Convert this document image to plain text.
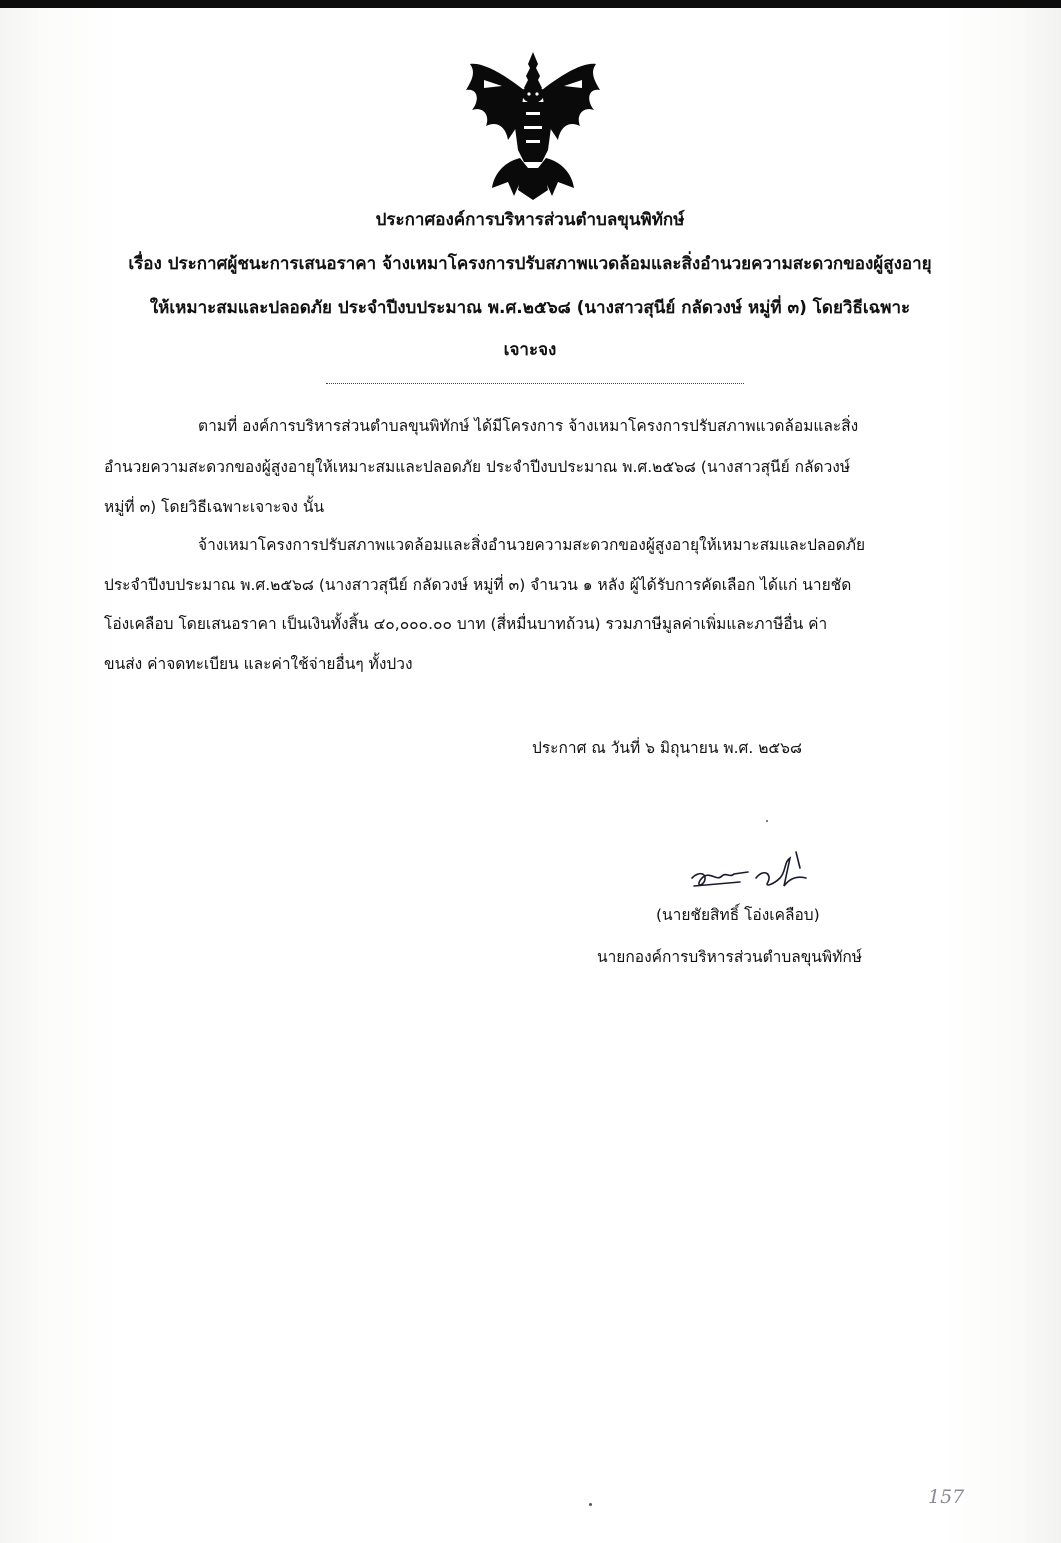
ประกาศองค์การบริหารส่วนตำบลขุนพิทักษ์
เรื่อง ประกาศผู้ชนะการเสนอราคา จ้างเหมาโครงการปรับสภาพแวดล้อมและสิ่งอำนวยความสะดวกของผู้สูงอายุ
ให้เหมาะสมและปลอดภัย ประจำปีงบประมาณ พ.ศ.๒๕๖๘ (นางสาวสุนีย์ กลัดวงษ์ หมู่ที่ ๓) โดยวิธีเฉพาะ
เจาะจง
ตามที่ องค์การบริหารส่วนตำบลขุนพิทักษ์ ได้มีโครงการ จ้างเหมาโครงการปรับสภาพแวดล้อมและสิ่ง
อำนวยความสะดวกของผู้สูงอายุให้เหมาะสมและปลอดภัย ประจำปีงบประมาณ พ.ศ.๒๕๖๘ (นางสาวสุนีย์ กลัดวงษ์
หมู่ที่ ๓) โดยวิธีเฉพาะเจาะจง นั้น
จ้างเหมาโครงการปรับสภาพแวดล้อมและสิ่งอำนวยความสะดวกของผู้สูงอายุให้เหมาะสมและปลอดภัย
ประจำปีงบประมาณ พ.ศ.๒๕๖๘ (นางสาวสุนีย์ กลัดวงษ์ หมู่ที่ ๓) จำนวน ๑ หลัง ผู้ได้รับการคัดเลือก ได้แก่ นายชัด
โอ่งเคลือบ โดยเสนอราคา เป็นเงินทั้งสิ้น ๔๐,๐๐๐.๐๐ บาท (สี่หมื่นบาทถ้วน) รวมภาษีมูลค่าเพิ่มและภาษีอื่น ค่า
ขนส่ง ค่าจดทะเบียน และค่าใช้จ่ายอื่นๆ ทั้งปวง
ประกาศ ณ วันที่ ๖ มิถุนายน พ.ศ. ๒๕๖๘
(นายชัยสิทธิ์ โอ่งเคลือบ)
นายกองค์การบริหารส่วนตำบลขุนพิทักษ์
157
